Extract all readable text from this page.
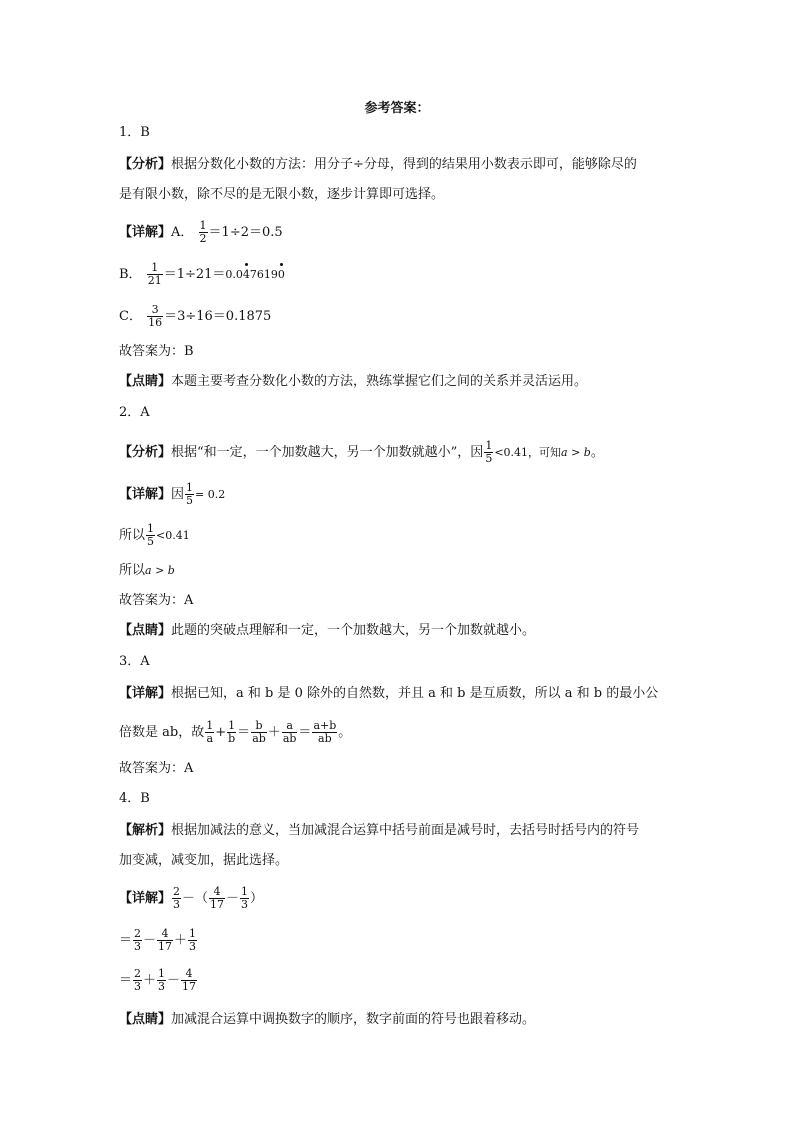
参考答案：
1．B
【分析】根据分数化小数的方法：用分子÷分母，得到的结果用小数表示即可，能够除尽的
是有限小数，除不尽的是无限小数，逐步计算即可选择。
【详解】A． $\frac{1}{2} =1\div 2=0.5$
B． $\frac{1}{21} =1\div 21=0.0476190$
C． $\frac{3}{16} =3\div 16=0.1875$
故答案为：B
【点睛】本题主要考查分数化小数的方法，熟练掌握它们之间的关系并灵活运用。
2．A
【分析】根据“和一定，一个加数越大，另一个加数就越小”，因 $\frac{1}{5} <0.41$，可知a > b。
【详解】因 $\frac{1}{5} = 0.2$
所以 $\frac{1}{5} <0.41$
所以a > b
故答案为：A
【点睛】此题的突破点理解和一定，一个加数越大，另一个加数就越小。
3．A
【详解】根据已知，a 和 b 是 0 除外的自然数，并且 a 和 b 是互质数，所以 a 和 b 的最小公
倍数是 ab，故 $\frac{1}{a} + \frac{1}{b} = \frac{b}{ab} + \frac{a}{ab} = \frac{a+b}{ab}$ 。
故答案为：A
4．B
【解析】根据加减法的意义，当加减混合运算中括号前面是减号时，去括号时括号内的符号
加变减，减变加，据此选择。
【详解】 $\frac{2}{3}$ －（ $\frac{4}{17} - \frac{1}{3}$ ）
＝ $\frac{2}{3} - \frac{4}{17} + \frac{1}{3}$
＝ $\frac{2}{3} + \frac{1}{3} - \frac{4}{17}$
【点睛】加减混合运算中调换数字的顺序，数字前面的符号也跟着移动。
